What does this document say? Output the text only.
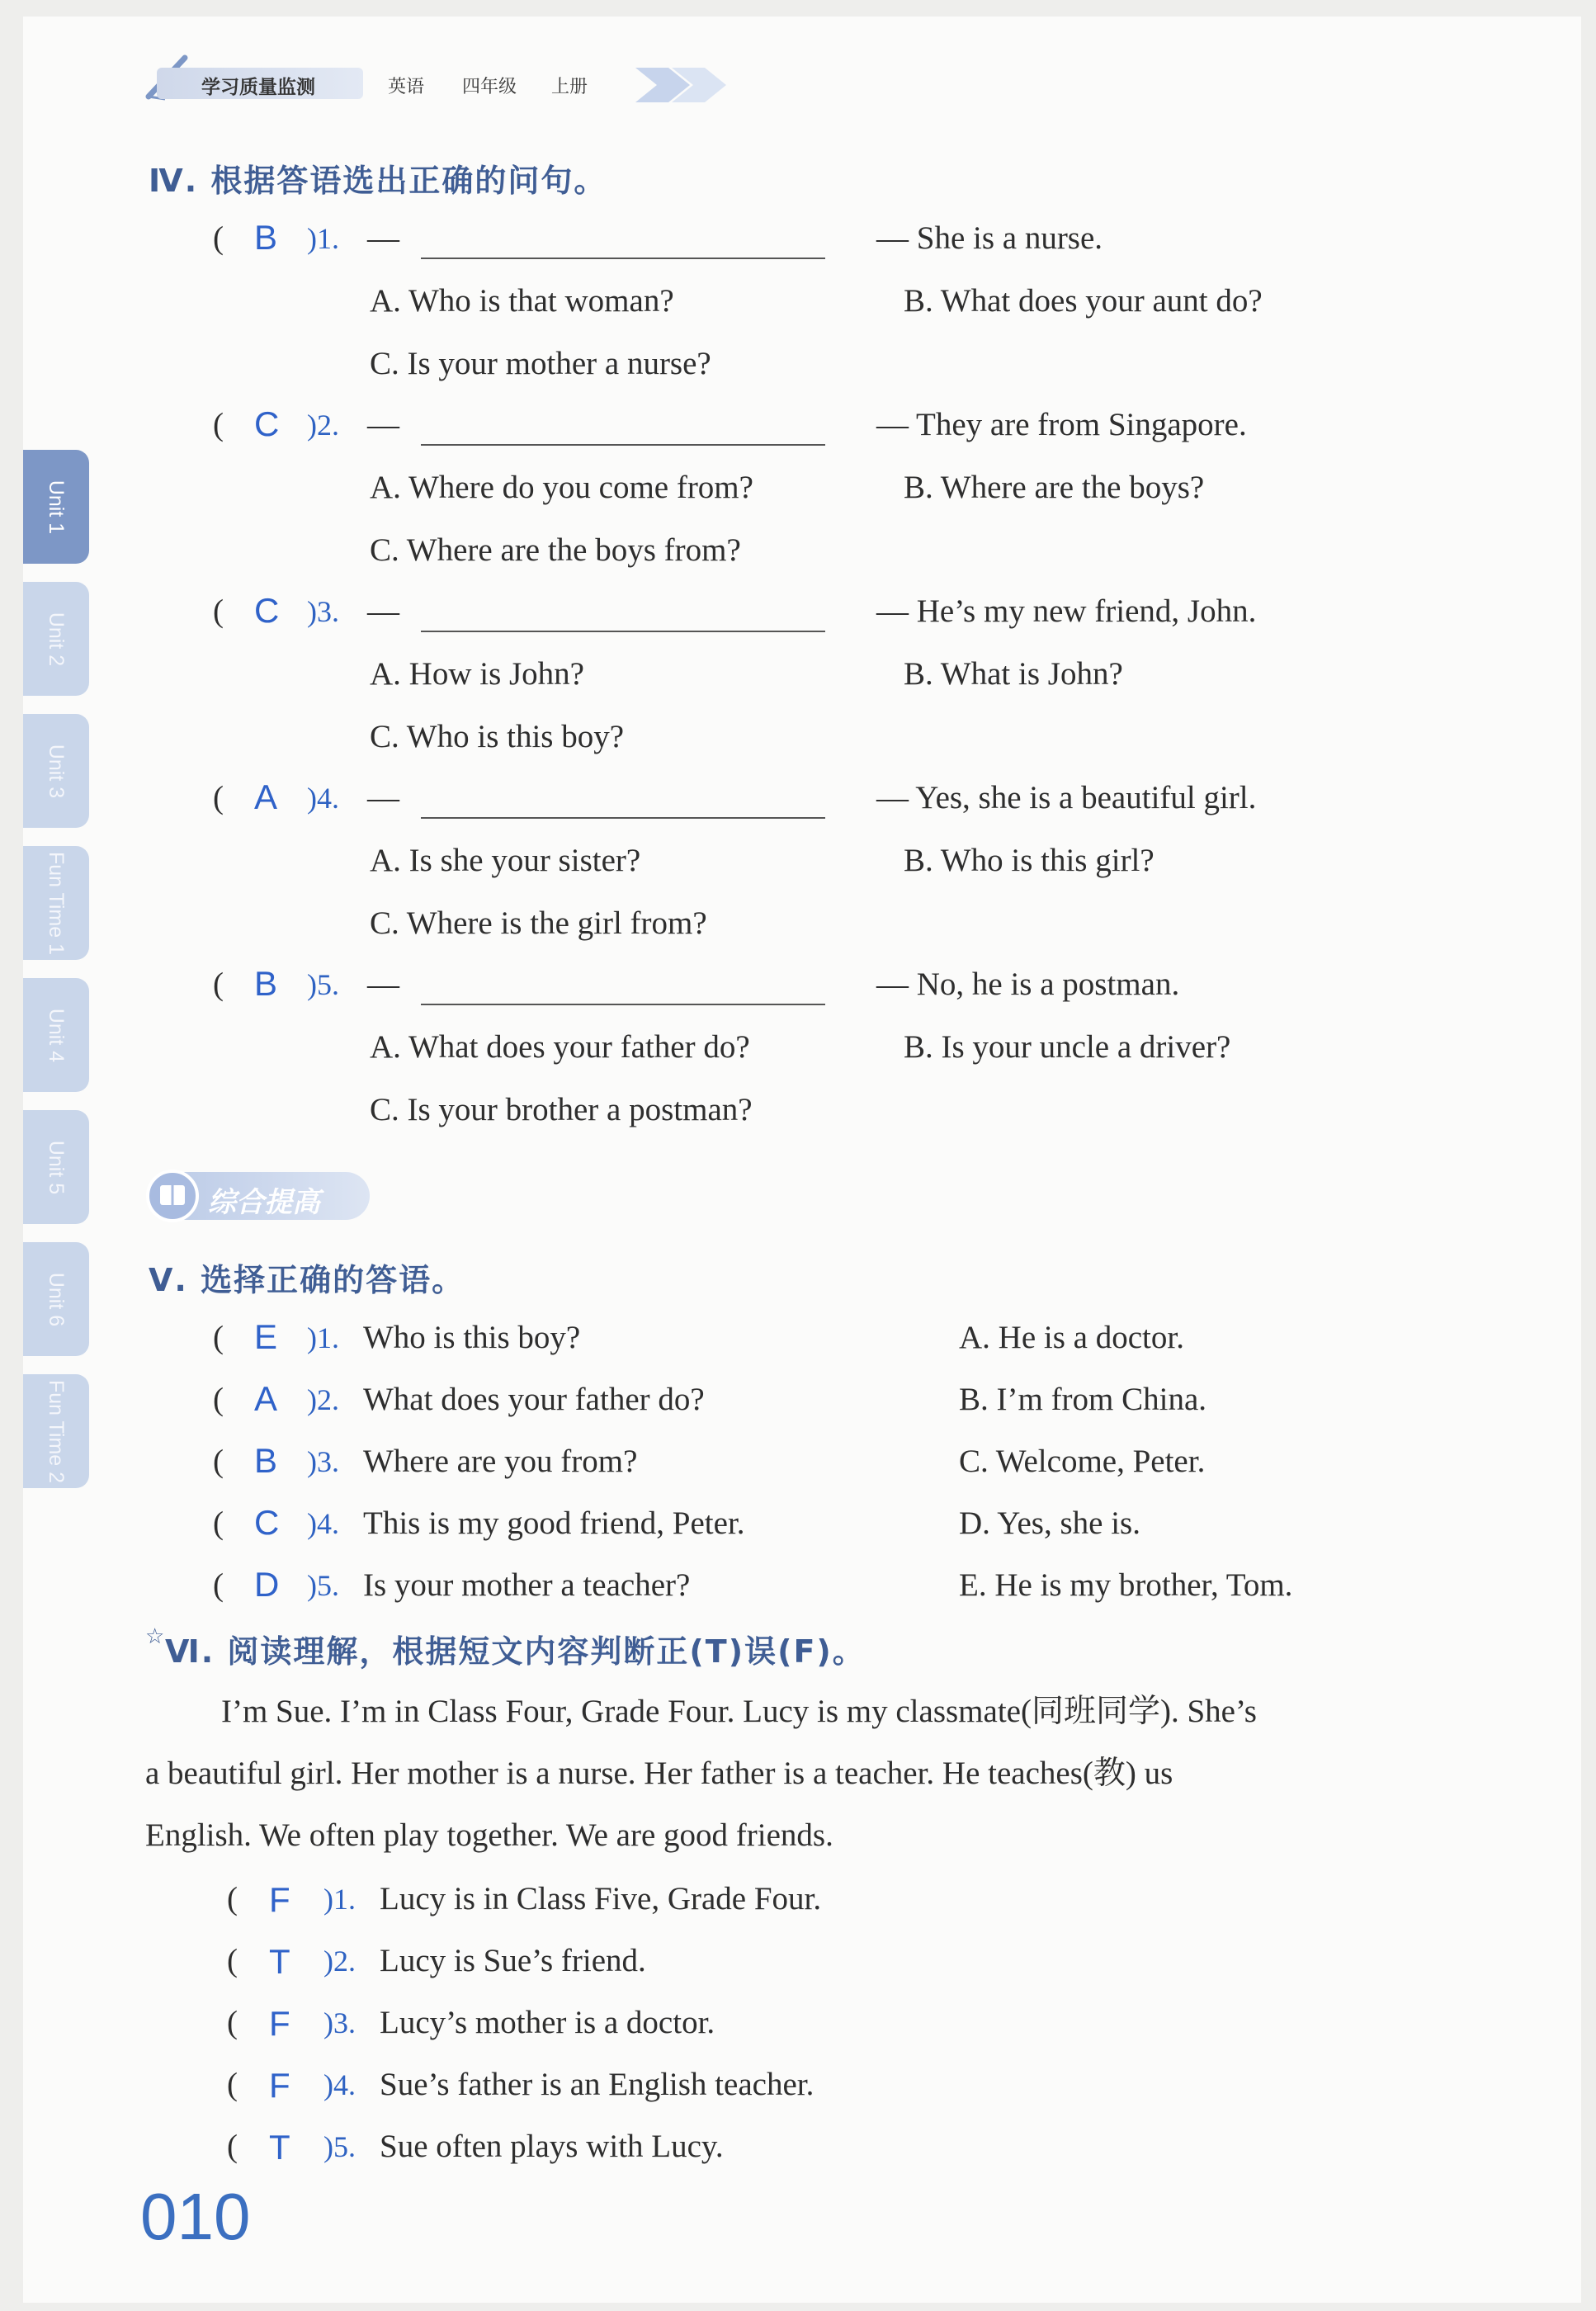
学习质量监测	英语 四年级 上册
Unit 1
Unit 2
Unit 3
Fun Time 1
Unit 4
Unit 5
Unit 6
Fun Time 2
Ⅳ. 根据答语选出正确的问句。
( B )1. —	— She is a nurse.
A. Who is that woman?	B. What does your aunt do?
C. Is your mother a nurse?
( C )2. —	— They are from Singapore.
A. Where do you come from?	B. Where are the boys?
C. Where are the boys from?
( C )3. —	— He’s my new friend, John.
A. How is John?	B. What is John?
C. Who is this boy?
( A )4. —	— Yes, she is a beautiful girl.
A. Is she your sister?	B. Who is this girl?
C. Where is the girl from?
( B )5. —	— No, he is a postman.
A. What does your father do?	B. Is your uncle a driver?
C. Is your brother a postman?
综合提高
Ⅴ. 选择正确的答语。
( E )1. Who is this boy?	A. He is a doctor.
( A )2. What does your father do?	B. I’m from China.
( B )3. Where are you from?	C. Welcome, Peter.
( C )4. This is my good friend, Peter.	D. Yes, she is.
( D )5. Is your mother a teacher?	E. He is my brother, Tom.
☆ Ⅵ. 阅读理解，根据短文内容判断正(T)误(F)。
I’m Sue. I’m in Class Four, Grade Four. Lucy is my classmate(同班同学). She’s
a beautiful girl. Her mother is a nurse. Her father is a teacher. He teaches(教) us
English. We often play together. We are good friends.
( F )1. Lucy is in Class Five, Grade Four.
( T )2. Lucy is Sue’s friend.
( F )3. Lucy’s mother is a doctor.
( F )4. Sue’s father is an English teacher.
( T )5. Sue often plays with Lucy.
010
